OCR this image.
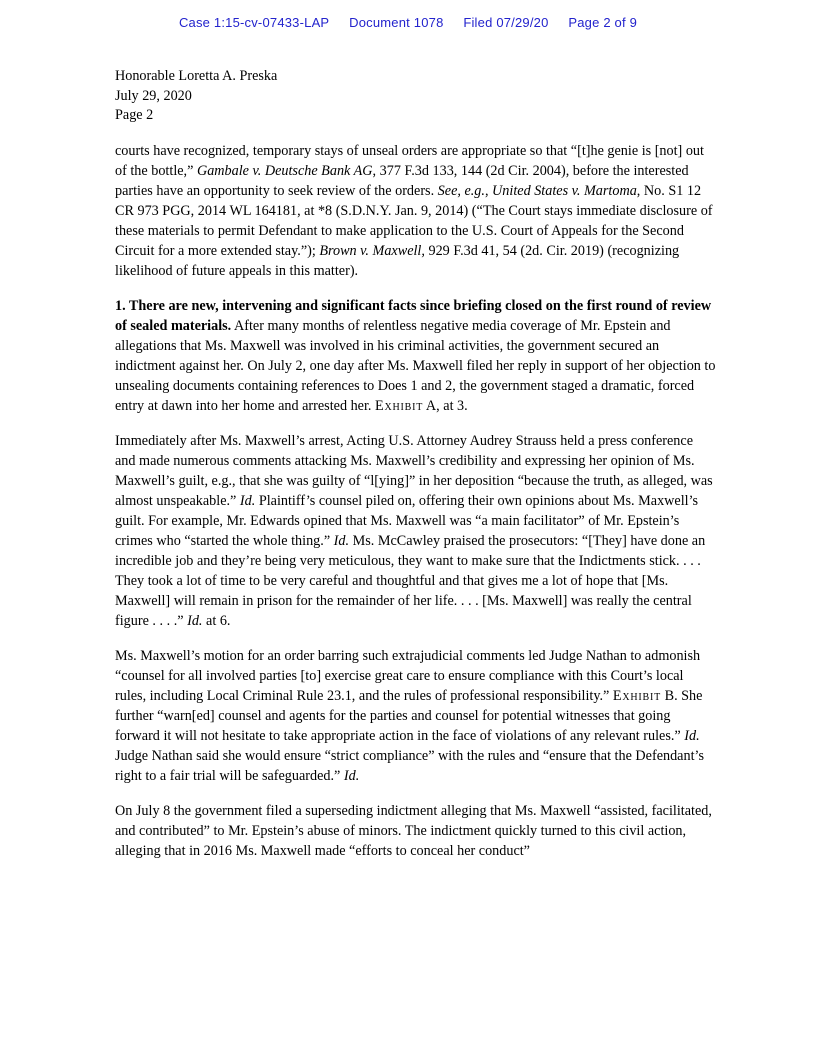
Case 1:15-cv-07433-LAP Document 1078 Filed 07/29/20 Page 2 of 9
Honorable Loretta A. Preska
July 29, 2020
Page 2

courts have recognized, temporary stays of unseal orders are appropriate so that “[t]he genie is [not] out of the bottle,” Gambale v. Deutsche Bank AG, 377 F.3d 133, 144 (2d Cir. 2004), before the interested parties have an opportunity to seek review of the orders. See, e.g., United States v. Martoma, No. S1 12 CR 973 PGG, 2014 WL 164181, at *8 (S.D.N.Y. Jan. 9, 2014) (“The Court stays immediate disclosure of these materials to permit Defendant to make application to the U.S. Court of Appeals for the Second Circuit for a more extended stay.”); Brown v. Maxwell, 929 F.3d 41, 54 (2d. Cir. 2019) (recognizing likelihood of future appeals in this matter).

1. There are new, intervening and significant facts since briefing closed on the first round of review of sealed materials. After many months of relentless negative media coverage of Mr. Epstein and allegations that Ms. Maxwell was involved in his criminal activities, the government secured an indictment against her. On July 2, one day after Ms. Maxwell filed her reply in support of her objection to unsealing documents containing references to Does 1 and 2, the government staged a dramatic, forced entry at dawn into her home and arrested her. Exhibit A, at 3.

Immediately after Ms. Maxwell’s arrest, Acting U.S. Attorney Audrey Strauss held a press conference and made numerous comments attacking Ms. Maxwell’s credibility and expressing her opinion of Ms. Maxwell’s guilt, e.g., that she was guilty of “l[ying]” in her deposition “because the truth, as alleged, was almost unspeakable.” Id. Plaintiff’s counsel piled on, offering their own opinions about Ms. Maxwell’s guilt. For example, Mr. Edwards opined that Ms. Maxwell was “a main facilitator” of Mr. Epstein’s crimes who “started the whole thing.” Id. Ms. McCawley praised the prosecutors: “[They] have done an incredible job and they’re being very meticulous, they want to make sure that the Indictments stick. . . . They took a lot of time to be very careful and thoughtful and that gives me a lot of hope that [Ms. Maxwell] will remain in prison for the remainder of her life. . . . [Ms. Maxwell] was really the central figure . . . .” Id. at 6.

Ms. Maxwell’s motion for an order barring such extrajudicial comments led Judge Nathan to admonish “counsel for all involved parties [to] exercise great care to ensure compliance with this Court’s local rules, including Local Criminal Rule 23.1, and the rules of professional responsibility.” Exhibit B. She further “warn[ed] counsel and agents for the parties and counsel for potential witnesses that going forward it will not hesitate to take appropriate action in the face of violations of any relevant rules.” Id. Judge Nathan said she would ensure “strict compliance” with the rules and “ensure that the Defendant’s right to a fair trial will be safeguarded.” Id.

On July 8 the government filed a superseding indictment alleging that Ms. Maxwell “assisted, facilitated, and contributed” to Mr. Epstein’s abuse of minors. The indictment quickly turned to this civil action, alleging that in 2016 Ms. Maxwell made “efforts to conceal her conduct”
